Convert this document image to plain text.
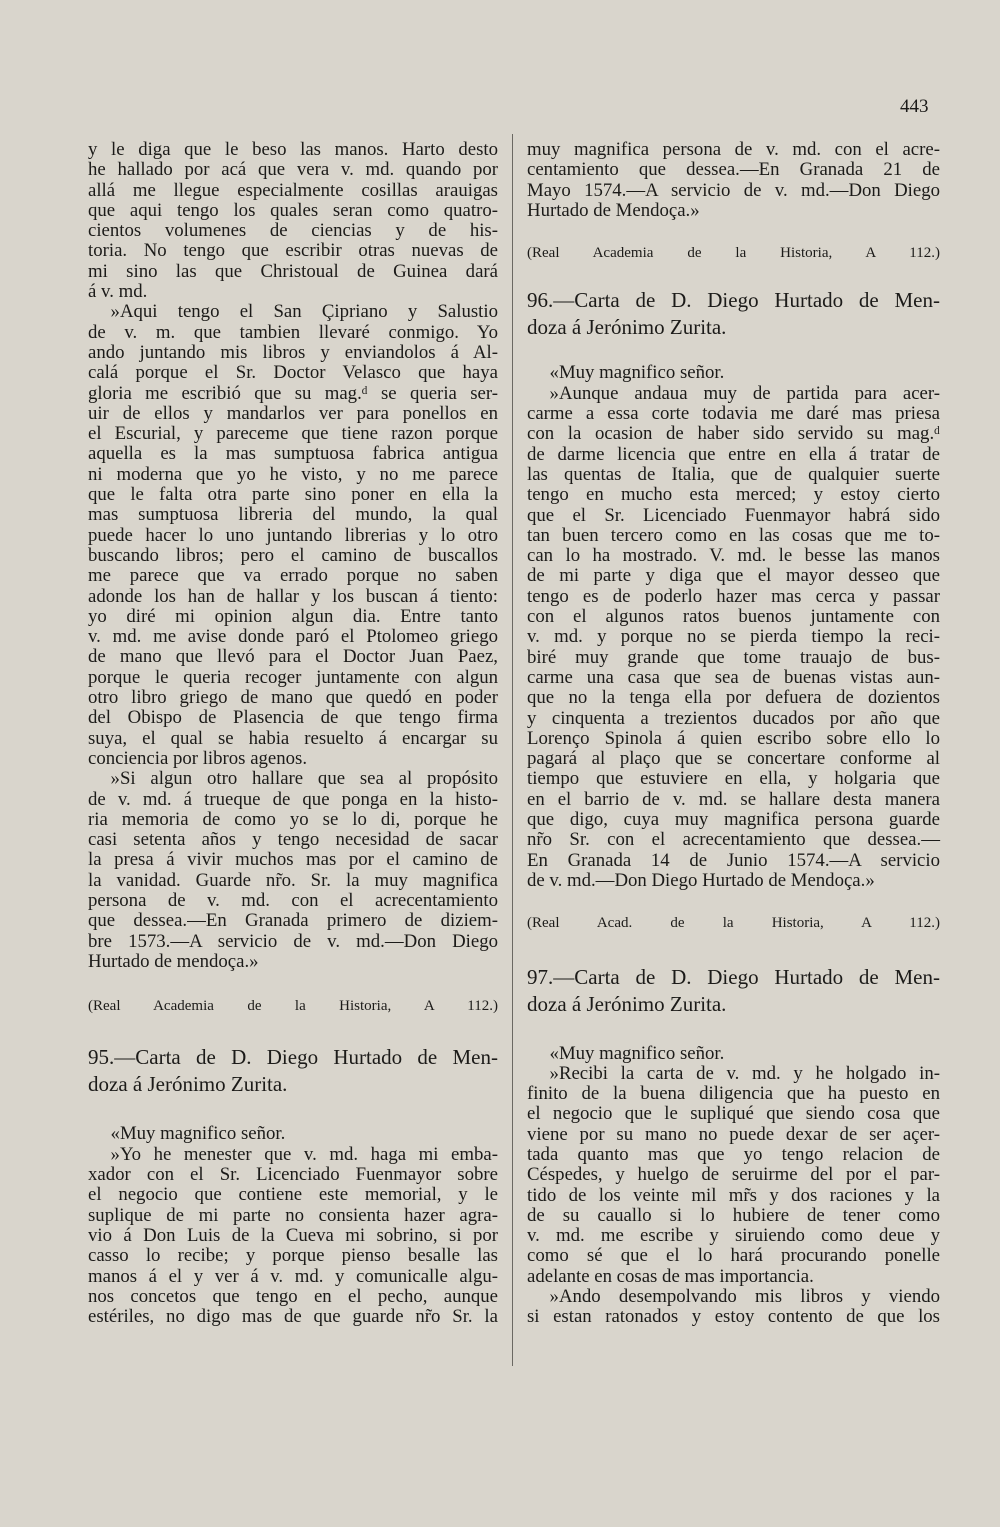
443

y le diga que le beso las manos. Harto desto

he hallado por acá que vera v. md. quando por

allá me llegue especialmente cosillas arauigas

que aqui tengo los quales seran como quatro-

cientos volumenes de ciencias y de his-

toria. No tengo que escribir otras nuevas de

mi sino las que Christoual de Guinea dará

á v. md.

»Aqui tengo el San Çipriano y Salustio

de v. m. que tambien llevaré conmigo. Yo

ando juntando mis libros y enviandolos á Al-

calá porque el Sr. Doctor Velasco que haya

gloria me escribió que su mag.ᵈ se queria ser-

uir de ellos y mandarlos ver para ponellos en

el Escurial, y pareceme que tiene razon porque

aquella es la mas sumptuosa fabrica antigua

ni moderna que yo he visto, y no me parece

que le falta otra parte sino poner en ella la

mas sumptuosa libreria del mundo, la qual

puede hacer lo uno juntando librerias y lo otro

buscando libros; pero el camino de buscallos

me parece que va errado porque no saben

adonde los han de hallar y los buscan á tiento:

yo diré mi opinion algun dia. Entre tanto

v. md. me avise donde paró el Ptolomeo griego

de mano que llevó para el Doctor Juan Paez,

porque le queria recoger juntamente con algun

otro libro griego de mano que quedó en poder

del Obispo de Plasencia de que tengo firma

suya, el qual se habia resuelto á encargar su

conciencia por libros agenos.

»Si algun otro hallare que sea al propósito

de v. md. á trueque de que ponga en la histo-

ria memoria de como yo se lo di, porque he

casi setenta años y tengo necesidad de sacar

la presa á vivir muchos mas por el camino de

la vanidad. Guarde nr̃o. Sr. la muy magnifica

persona de v. md. con el acrecentamiento

que dessea.—En Granada primero de diziem-

bre 1573.—A servicio de v. md.—Don Diego

Hurtado de mendoça.»

(Real Academia de la Historia, A 112.)

95.—Carta de D. Diego Hurtado de Men-
doza á Jerónimo Zurita.

«Muy magnifico señor.

»Yo he menester que v. md. haga mi emba-

xador con el Sr. Licenciado Fuenmayor sobre

el negocio que contiene este memorial, y le

suplique de mi parte no consienta hazer agra-

vio á Don Luis de la Cueva mi sobrino, si por

casso lo recibe; y porque pienso besalle las

manos á el y ver á v. md. y comunicalle algu-

nos concetos que tengo en el pecho, aunque

estériles, no digo mas de que guarde nr̃o Sr. la

muy magnifica persona de v. md. con el acre-

centamiento que dessea.—En Granada 21 de

Mayo 1574.—A servicio de v. md.—Don Diego

Hurtado de Mendoça.»

(Real Academia de la Historia, A 112.)

96.—Carta de D. Diego Hurtado de Men-
doza á Jerónimo Zurita.

«Muy magnifico señor.

»Aunque andaua muy de partida para acer-

carme a essa corte todavia me daré mas priesa

con la ocasion de haber sido servido su mag.ᵈ

de darme licencia que entre en ella á tratar de

las quentas de Italia, que de qualquier suerte

tengo en mucho esta merced; y estoy cierto

que el Sr. Licenciado Fuenmayor habrá sido

tan buen tercero como en las cosas que me to-

can lo ha mostrado. V. md. le besse las manos

de mi parte y diga que el mayor desseo que

tengo es de poderlo hazer mas cerca y passar

con el algunos ratos buenos juntamente con

v. md. y porque no se pierda tiempo la reci-

biré muy grande que tome trauajo de bus-

carme una casa que sea de buenas vistas aun-

que no la tenga ella por defuera de dozientos

y cinquenta a trezientos ducados por año que

Lorenço Spinola á quien escribo sobre ello lo

pagará al plaço que se concertare conforme al

tiempo que estuviere en ella, y holgaria que

en el barrio de v. md. se hallare desta manera

que digo, cuya muy magnifica persona guarde

nr̃o Sr. con el acrecentamiento que dessea.—

En Granada 14 de Junio 1574.—A servicio

de v. md.—Don Diego Hurtado de Mendoça.»

(Real Acad. de la Historia, A 112.)

97.—Carta de D. Diego Hurtado de Men-
doza á Jerónimo Zurita.

«Muy magnifico señor.

»Recibi la carta de v. md. y he holgado in-

finito de la buena diligencia que ha puesto en

el negocio que le supliqué que siendo cosa que

viene por su mano no puede dexar de ser açer-

tada quanto mas que yo tengo relacion de

Céspedes, y huelgo de seruirme del por el par-

tido de los veinte mil mr̃s y dos raciones y la

de su cauallo si lo hubiere de tener como

v. md. me escribe y siruiendo como deue y

como sé que el lo hará procurando ponelle

adelante en cosas de mas importancia.

»Ando desempolvando mis libros y viendo

si estan ratonados y estoy contento de que los
